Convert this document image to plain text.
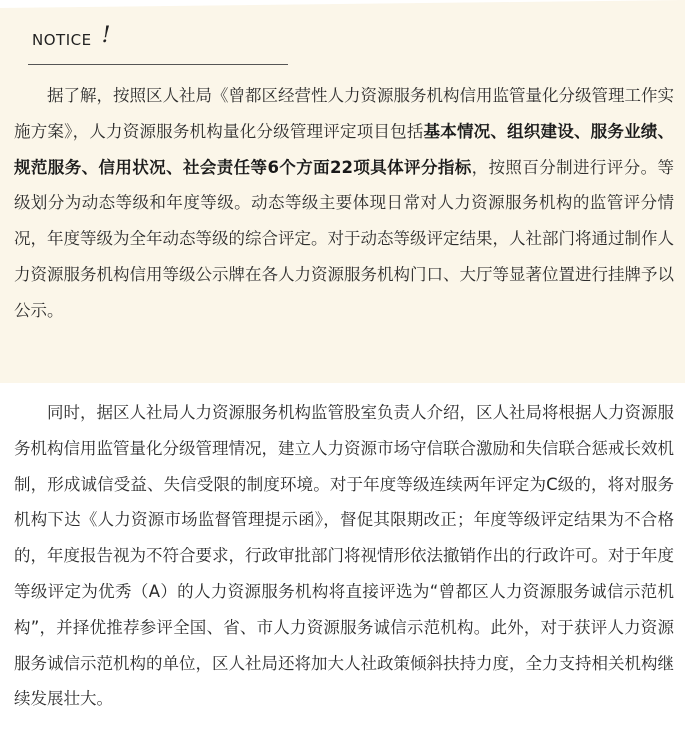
NOTICE !

据了解，按照区人社局《曾都区经营性人力资源服务机构信用监管量化分级管理工作实施方案》，人力资源服务机构量化分级管理评定项目包括基本情况、组织建设、服务业绩、规范服务、信用状况、社会责任等6个方面22项具体评分指标，按照百分制进行评分。等级划分为动态等级和年度等级。动态等级主要体现日常对人力资源服务机构的监管评分情况，年度等级为全年动态等级的综合评定。对于动态等级评定结果，人社部门将通过制作人力资源服务机构信用等级公示牌在各人力资源服务机构门口、大厅等显著位置进行挂牌予以公示。

同时，据区人社局人力资源服务机构监管股室负责人介绍，区人社局将根据人力资源服务机构信用监管量化分级管理情况，建立人力资源市场守信联合激励和失信联合惩戒长效机制，形成诚信受益、失信受限的制度环境。对于年度等级连续两年评定为C级的，将对服务机构下达《人力资源市场监督管理提示函》，督促其限期改正；年度等级评定结果为不合格的，年度报告视为不符合要求，行政审批部门将视情形依法撤销作出的行政许可。对于年度等级评定为优秀（A）的人力资源服务机构将直接评选为“曾都区人力资源服务诚信示范机构”，并择优推荐参评全国、省、市人力资源服务诚信示范机构。此外，对于获评人力资源服务诚信示范机构的单位，区人社局还将加大人社政策倾斜扶持力度，全力支持相关机构继续发展壮大。
